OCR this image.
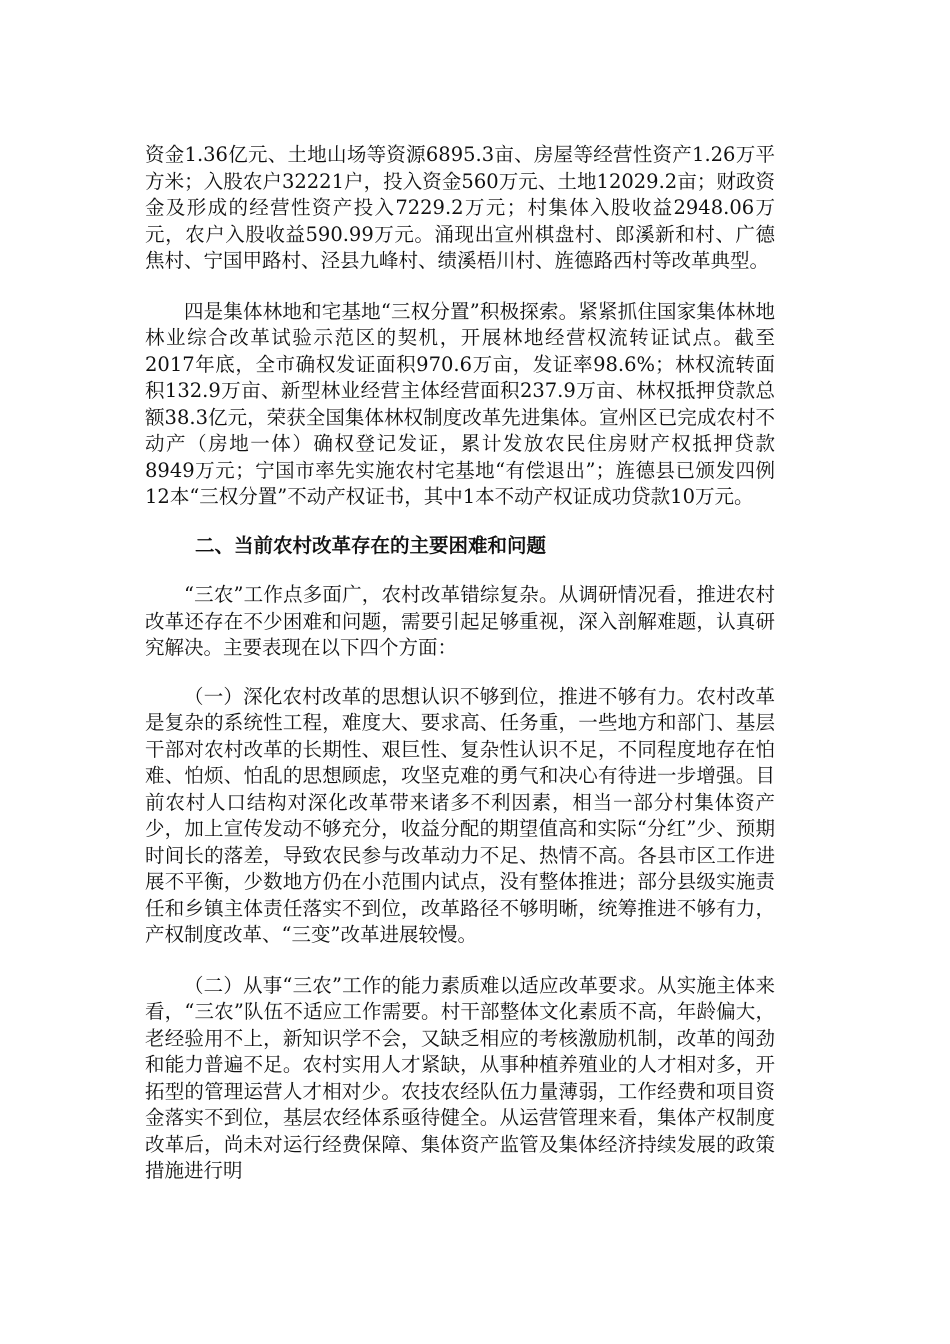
资金1.36亿元、土地山场等资源6895.3亩、房屋等经营性资产1.26万平方米；入股农户32221户，投入资金560万元、土地12029.2亩；财政资金及形成的经营性资产投入7229.2万元；村集体入股收益2948.06万元，农户入股收益590.99万元。涌现出宣州棋盘村、郎溪新和村、广德焦村、宁国甲路村、泾县九峰村、绩溪梧川村、旌德路西村等改革典型。

四是集体林地和宅基地“三权分置”积极探索。紧紧抓住国家集体林地林业综合改革试验示范区的契机，开展林地经营权流转证试点。截至2017年底，全市确权发证面积970.6万亩，发证率98.6%；林权流转面积132.9万亩、新型林业经营主体经营面积237.9万亩、林权抵押贷款总额38.3亿元，荣获全国集体林权制度改革先进集体。宣州区已完成农村不动产（房地一体）确权登记发证，累计发放农民住房财产权抵押贷款8949万元；宁国市率先实施农村宅基地“有偿退出”；旌德县已颁发四例12本“三权分置”不动产权证书，其中1本不动产权证成功贷款10万元。

二、当前农村改革存在的主要困难和问题

“三农”工作点多面广，农村改革错综复杂。从调研情况看，推进农村改革还存在不少困难和问题，需要引起足够重视，深入剖解难题，认真研究解决。主要表现在以下四个方面：

（一）深化农村改革的思想认识不够到位，推进不够有力。农村改革是复杂的系统性工程，难度大、要求高、任务重，一些地方和部门、基层干部对农村改革的长期性、艰巨性、复杂性认识不足，不同程度地存在怕难、怕烦、怕乱的思想顾虑，攻坚克难的勇气和决心有待进一步增强。目前农村人口结构对深化改革带来诸多不利因素，相当一部分村集体资产少，加上宣传发动不够充分，收益分配的期望值高和实际“分红”少、预期时间长的落差，导致农民参与改革动力不足、热情不高。各县市区工作进展不平衡，少数地方仍在小范围内试点，没有整体推进；部分县级实施责任和乡镇主体责任落实不到位，改革路径不够明晰，统筹推进不够有力，产权制度改革、“三变”改革进展较慢。

（二）从事“三农”工作的能力素质难以适应改革要求。从实施主体来看，“三农”队伍不适应工作需要。村干部整体文化素质不高，年龄偏大，老经验用不上，新知识学不会，又缺乏相应的考核激励机制，改革的闯劲和能力普遍不足。农村实用人才紧缺，从事种植养殖业的人才相对多，开拓型的管理运营人才相对少。农技农经队伍力量薄弱，工作经费和项目资金落实不到位，基层农经体系亟待健全。从运营管理来看，集体产权制度改革后，尚未对运行经费保障、集体资产监管及集体经济持续发展的政策措施进行明
